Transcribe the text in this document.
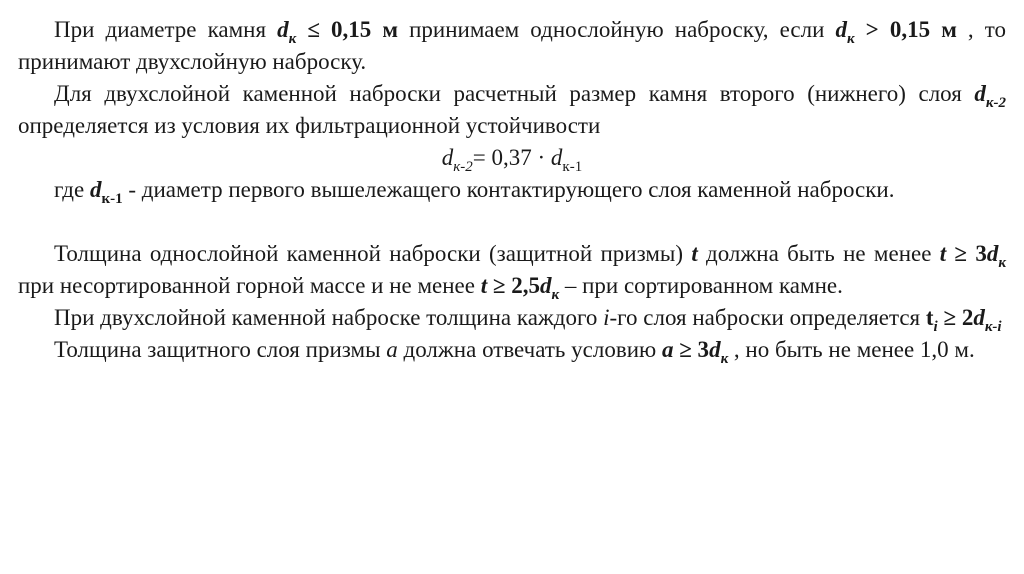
При диаметре камня $d_к \le 0,15$ м принимаем однослойную наброску, если $d_к > 0,15$ м , то принимают двухслойную наброску.

Для двухслойной каменной наброски расчетный размер камня второго (нижнего) слоя $d_{к-2}$ определяется из условия их фильтрационной устойчивости

$d_{к-2}= 0,37 \cdot d_{к-1}$

где $d_{к-1}$ - диаметр первого вышележащего контактирующего слоя каменной наброски.

Толщина однослойной каменной наброски (защитной призмы) t должна быть не менее $t \ge 3d_к$ при несортированной горной массе и не менее $t \ge 2,5d_к$ – при сортированном камне.

При двухслойной каменной наброске толщина каждого i-го слоя наброски определяется $t_i \ge 2d_{к-i}$

Толщина защитного слоя призмы а должна отвечать условию $а \ge 3d_к$ , но быть не менее 1,0 м.
